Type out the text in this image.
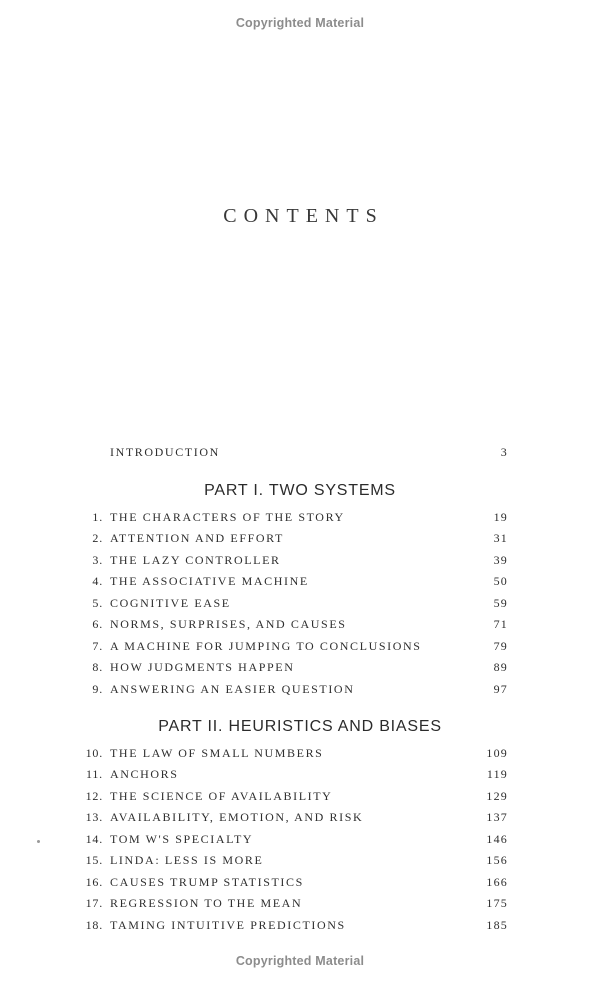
Copyrighted Material
CONTENTS
INTRODUCTION	3
PART I. TWO SYSTEMS
1. THE CHARACTERS OF THE STORY	19
2. ATTENTION AND EFFORT	31
3. THE LAZY CONTROLLER	39
4. THE ASSOCIATIVE MACHINE	50
5. COGNITIVE EASE	59
6. NORMS, SURPRISES, AND CAUSES	71
7. A MACHINE FOR JUMPING TO CONCLUSIONS	79
8. HOW JUDGMENTS HAPPEN	89
9. ANSWERING AN EASIER QUESTION	97
PART II. HEURISTICS AND BIASES
10. THE LAW OF SMALL NUMBERS	109
11. ANCHORS	119
12. THE SCIENCE OF AVAILABILITY	129
13. AVAILABILITY, EMOTION, AND RISK	137
14. TOM W'S SPECIALTY	146
15. LINDA: LESS IS MORE	156
16. CAUSES TRUMP STATISTICS	166
17. REGRESSION TO THE MEAN	175
18. TAMING INTUITIVE PREDICTIONS	185
Copyrighted Material
